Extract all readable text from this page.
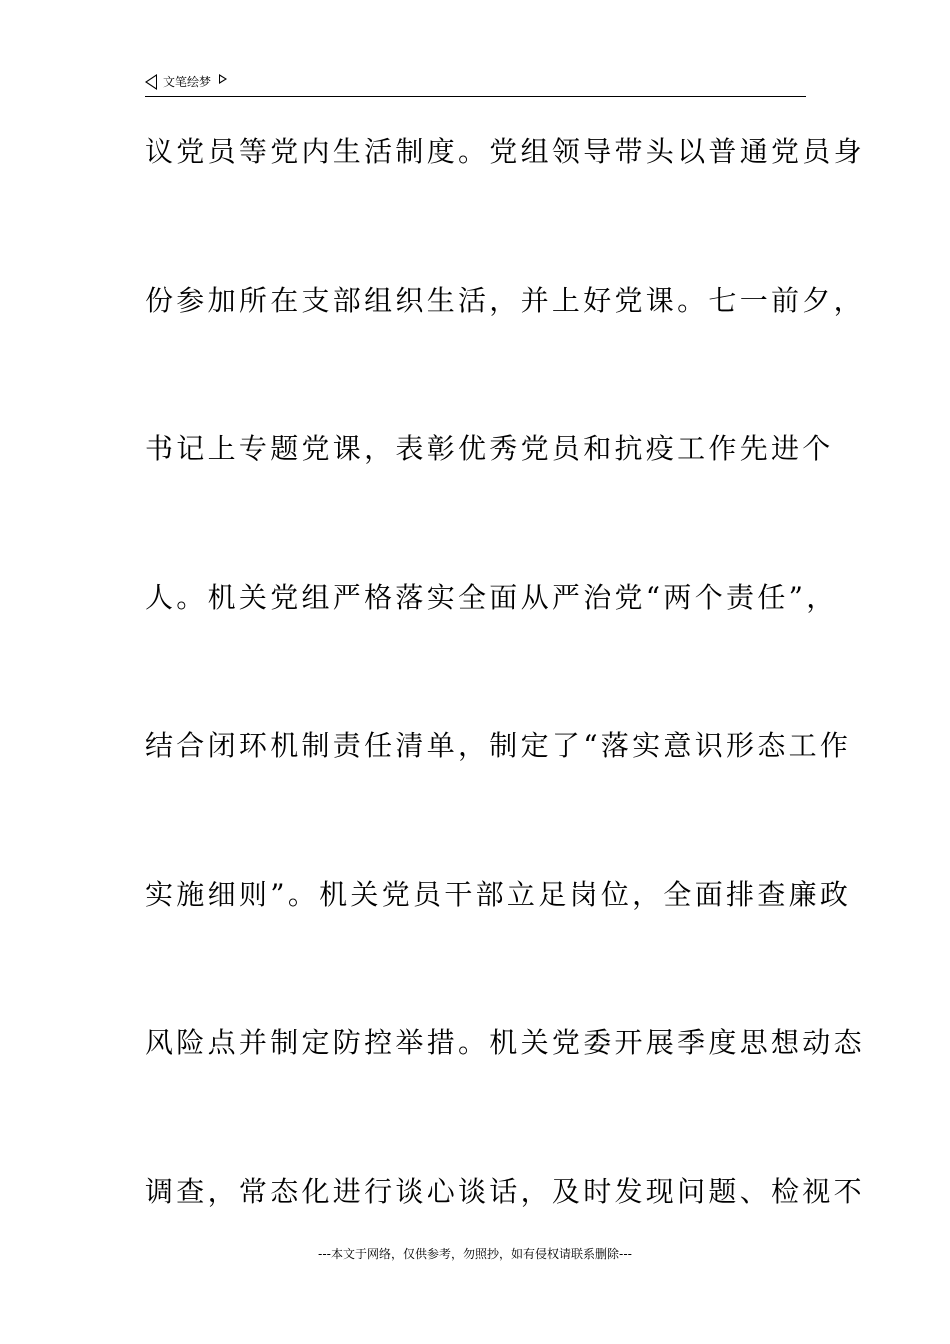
文笔绘梦
议党员等党内生活制度。党组领导带头以普通党员身
份参加所在支部组织生活，并上好党课。七一前夕，
书记上专题党课，表彰优秀党员和抗疫工作先进个
人。机关党组严格落实全面从严治党“两个责任”，
结合闭环机制责任清单，制定了“落实意识形态工作
实施细则”。机关党员干部立足岗位，全面排查廉政
风险点并制定防控举措。机关党委开展季度思想动态
调查，常态化进行谈心谈话，及时发现问题、检视不
---本文于网络，仅供参考，勿照抄，如有侵权请联系删除---
